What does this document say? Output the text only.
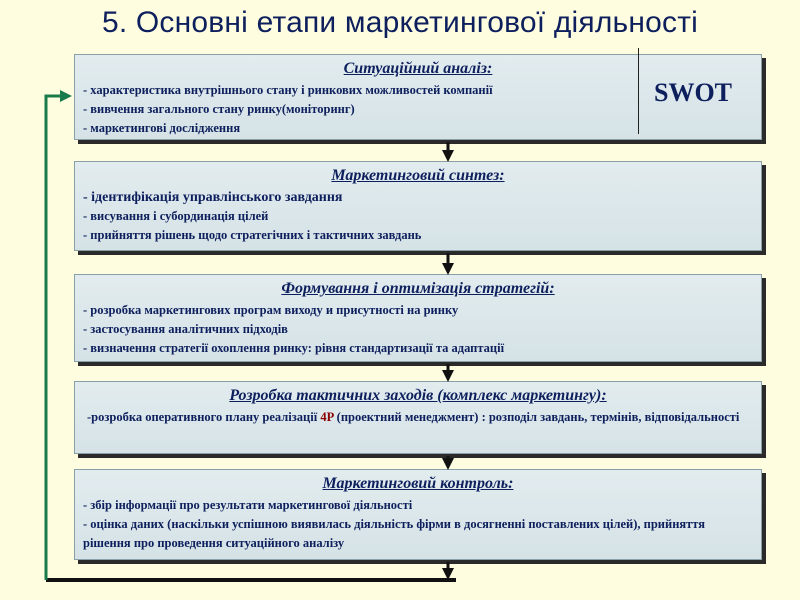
5. Основні етапи маркетингової діяльності
Ситуаційний аналіз:
- характеристика внутрішнього стану і ринкових можливостей компанії
- вивчення загального стану ринку(моніторинг)
- маркетингові дослідження
SWOT
Маркетинговий синтез:
- ідентифікація управлінського завдання
- висування і субординація цілей
- прийняття рішень щодо стратегічних і тактичних завдань
Формування і оптимізація стратегій:
- розробка маркетингових програм виходу и присутності на ринку
- застосування аналітичних підходів
- визначення стратегії охоплення ринку: рівня стандартизації та адаптації
Розробка тактичних заходів (комплекс маркетингу):
-розробка оперативного плану реалізації 4P (проектний менеджмент) : розподіл завдань, термінів, відповідальності
Маркетинговий контроль:
- збір інформації про результати маркетингової діяльності
- оцінка даних (наскільки успішною виявилась діяльність фірми в досягненні поставлених цілей), прийняття рішення про проведення ситуаційного аналізу
